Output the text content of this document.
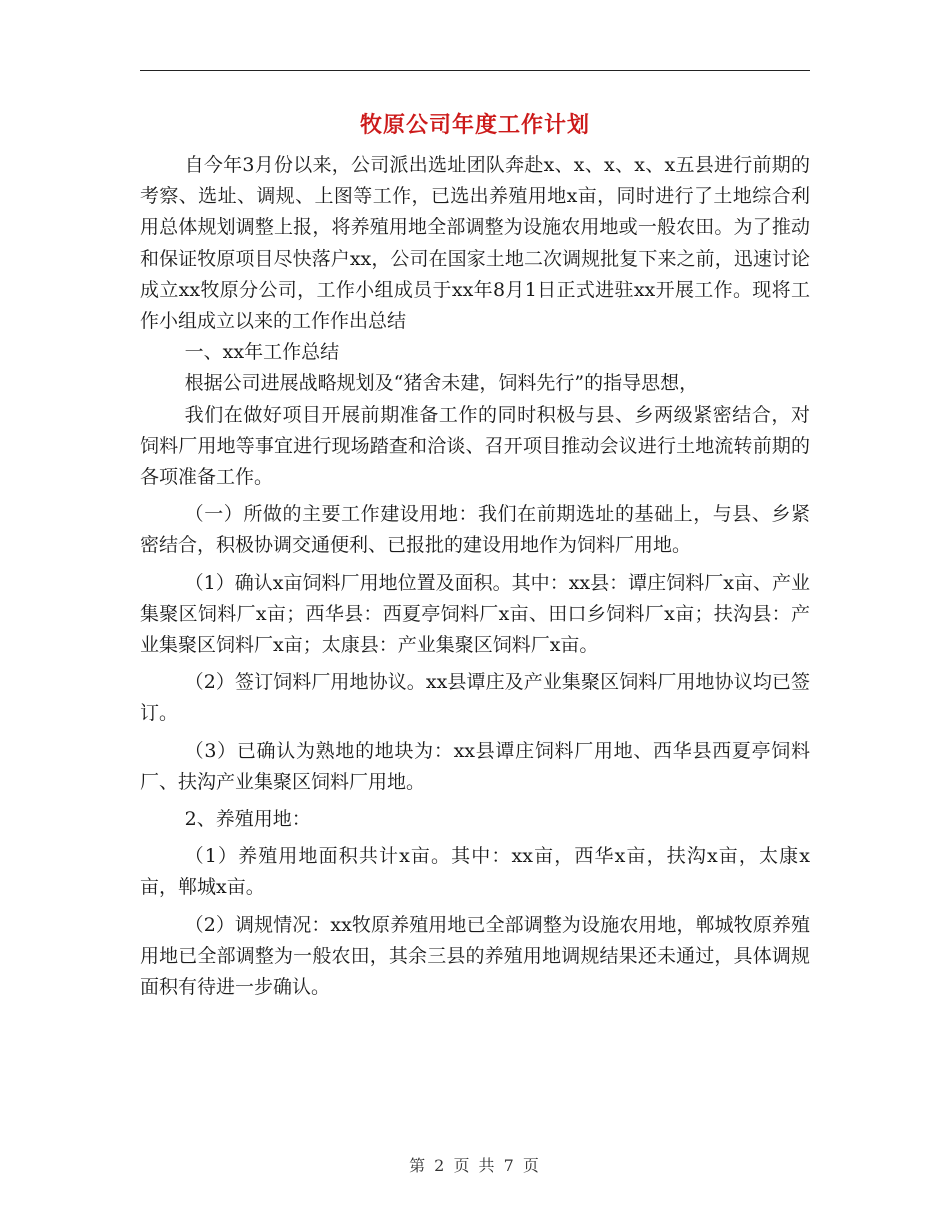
牧原公司年度工作计划

自今年3月份以来，公司派出选址团队奔赴x、x、x、x、x五县进行前期的考察、选址、调规、上图等工作，已选出养殖用地x亩，同时进行了土地综合利用总体规划调整上报，将养殖用地全部调整为设施农用地或一般农田。为了推动和保证牧原项目尽快落户xx，公司在国家土地二次调规批复下来之前，迅速讨论成立xx牧原分公司，工作小组成员于xx年8月1日正式进驻xx开展工作。现将工作小组成立以来的工作作出总结

一、xx年工作总结

根据公司进展战略规划及“猪舍未建，饲料先行”的指导思想，

我们在做好项目开展前期准备工作的同时积极与县、乡两级紧密结合，对饲料厂用地等事宜进行现场踏查和洽谈、召开项目推动会议进行土地流转前期的各项准备工作。

（一）所做的主要工作建设用地：我们在前期选址的基础上，与县、乡紧密结合，积极协调交通便利、已报批的建设用地作为饲料厂用地。

（1）确认x亩饲料厂用地位置及面积。其中：xx县：谭庄饲料厂x亩、产业集聚区饲料厂x亩；西华县：西夏亭饲料厂x亩、田口乡饲料厂x亩；扶沟县：产业集聚区饲料厂x亩；太康县：产业集聚区饲料厂x亩。

（2）签订饲料厂用地协议。xx县谭庄及产业集聚区饲料厂用地协议均已签订。

（3）已确认为熟地的地块为：xx县谭庄饲料厂用地、西华县西夏亭饲料厂、扶沟产业集聚区饲料厂用地。

2、养殖用地：

（1）养殖用地面积共计x亩。其中：xx亩，西华x亩，扶沟x亩，太康x亩，郸城x亩。

（2）调规情况：xx牧原养殖用地已全部调整为设施农用地，郸城牧原养殖用地已全部调整为一般农田，其余三县的养殖用地调规结果还未通过，具体调规面积有待进一步确认。

第 2 页 共 7 页
